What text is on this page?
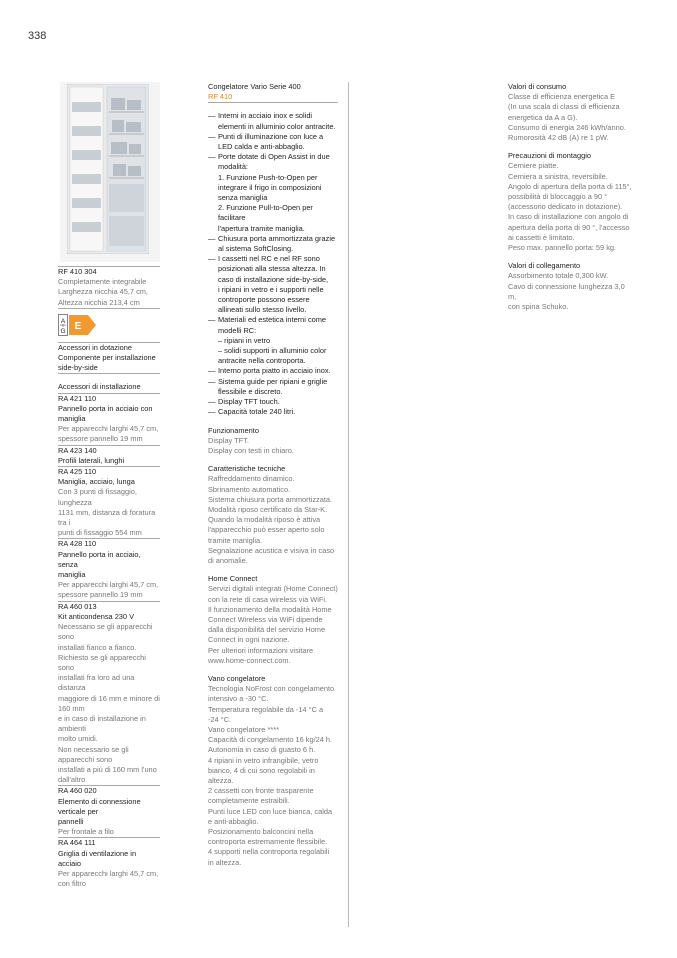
338
RF 410 304
Completamente integrabile
Larghezza nicchia 45,7 cm,
Altezza nicchia 213,4 cm
A
G E
Accessori in dotazione
Componente per installazione
side-by-side
Accessori di installazione
RA 421 110
Pannello porta in acciaio con maniglia
Per apparecchi larghi 45,7 cm,
spessore pannello 19 mm
RA 423 140
Profili laterali, lunghi
RA 425 110
Maniglia, acciaio, lunga
Con 3 punti di fissaggio, lunghezza
1131 mm, distanza di foratura tra i
punti di fissaggio 554 mm
RA 428 110
Pannello porta in acciaio, senza
maniglia
Per apparecchi larghi 45,7 cm,
spessore pannello 19 mm
RA 460 013
Kit anticondensa 230 V
Necessario se gli apparecchi sono
installati fianco a fianco.
Richiesto se gli apparecchi sono
installati fra loro ad una distanza
maggiore di 16 mm e minore di 160 mm
e in caso di installazione in ambienti
molto umidi.
Non necessario se gli apparecchi sono
installati a più di 160 mm l'uno dall'altro
RA 460 020
Elemento di connessione verticale per
pannelli
Per frontale a filo
RA 464 111
Griglia di ventilazione in acciaio
Per apparecchi larghi 45,7 cm,
con filtro
Congelatore Vario Serie 400
RF 410
— Interni in acciaio inox e solidi
elementi in alluminio color antracite.
— Punti di illuminazione con luce a
LED calda e anti-abbaglio.
— Porte dotate di Open Assist in due
modalità:
1. Funzione Push-to-Open per
integrare il frigo in composizioni
senza maniglia
2. Funzione Pull-to-Open per facilitare
l'apertura tramite maniglia.
— Chiusura porta ammortizzata grazie
al sistema SoftClosing.
— I cassetti nel RC e nel RF sono
posizionati alla stessa altezza. In
caso di installazione side-by-side,
i ripiani in vetro e i supporti nelle
controporte possono essere
allineati sullo stesso livello.
— Materiali ed estetica interni come
modelli RC:
– ripiani in vetro
– solidi supporti in alluminio color
antracite nella controporta.
— Interno porta piatto in acciaio inox.
— Sistema guide per ripiani e griglie
flessibile e discreto.
— Display TFT touch.
— Capacità totale 240 litri.
Funzionamento
Display TFT.
Display con testi in chiaro.
Caratteristiche tecniche
Raffreddamento dinamico.
Sbrinamento automatico.
Sistema chiusura porta ammortizzata.
Modalità riposo certificato da Star-K.
Quando la modalità riposo è attiva
l'apparecchio può esser aperto solo
tramite maniglia.
Segnalazione acustica e visiva in caso
di anomalie.
Home Connect
Servizi digitali integrati (Home Connect)
con la rete di casa wireless via WiFi.
Il funzionamento della modalità Home
Connect Wireless via WiFi dipende
dalla disponibilità del servizio Home
Connect in ogni nazione.
Per ulteriori informazioni visitare
www.home-connect.com.
Vano congelatore
Tecnologia NoFrost con congelamento
intensivo a -30 °C.
Temperatura regolabile da -14 °C a
-24 °C.
Vano congelatore ****
Capacità di congelamento 16 kg/24 h.
Autonomia in caso di guasto 6 h.
4 ripiani in vetro infrangibile, vetro
bianco, 4 di cui sono regolabili in
altezza.
2 cassetti con fronte trasparente
completamente estraibili.
Punti luce LED con luce bianca, calda
e anti-abbaglio.
Posizionamento balconcini nella
controporta estremamente flessibile.
4 supporti nella controporta regolabili
in altezza.
Valori di consumo
Classe di efficienza energetica E
(In una scala di classi di efficienza
energetica da A a G).
Consumo di energia 246 kWh/anno.
Rumorosità 42 dB (A) re 1 pW.
Precauzioni di montaggio
Cerniere piatte.
Cerniera a sinistra, reversibile.
Angolo di apertura della porta di 115°,
possibilità di bloccaggio a 90 °
(accessorio dedicato in dotazione).
In caso di installazione con angolo di
apertura della porta di 90 °, l'accesso
ai cassetti è limitato.
Peso max. pannello porta: 59 kg.
Valori di collegamento
Assorbimento totale 0,300 kW.
Cavo di connessione lunghezza 3,0 m,
con spina Schuko.
